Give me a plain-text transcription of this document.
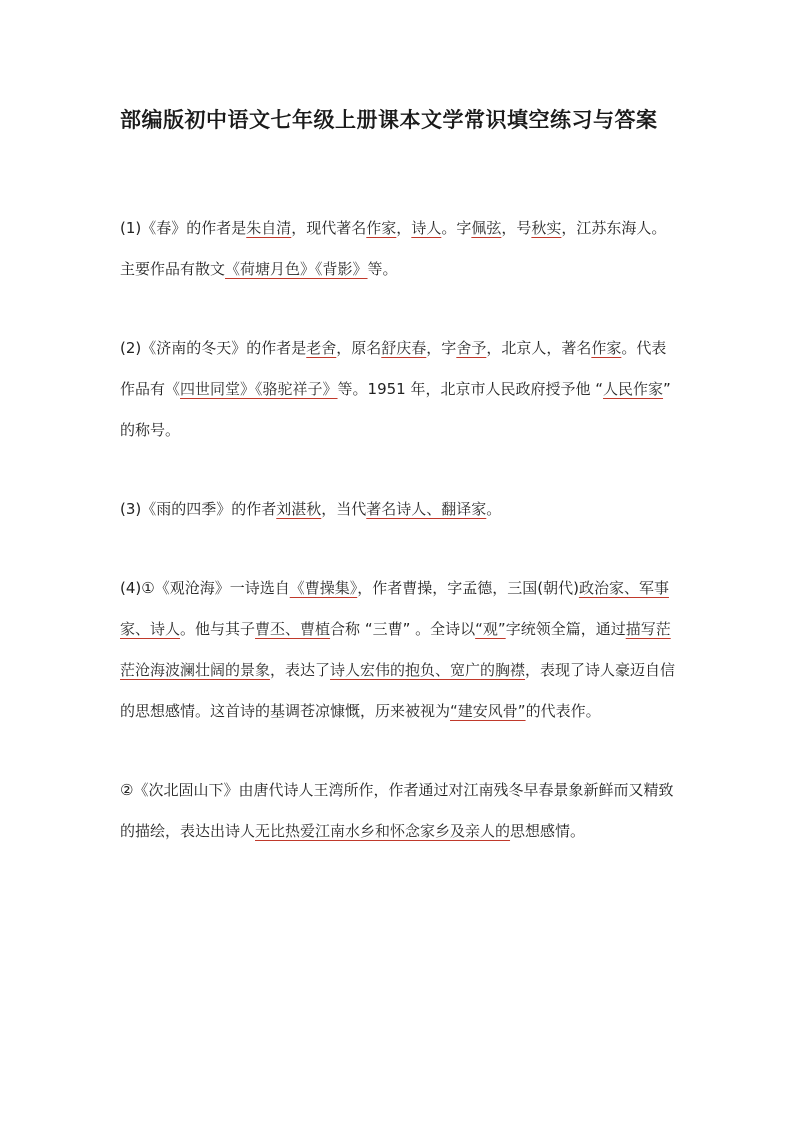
部编版初中语文七年级上册课本文学常识填空练习与答案

(1)《春》的作者是朱自清，现代著名作家，诗人。字佩弦，号秋实，江苏东海人。主要作品有散文《荷塘月色》《背影》等。

(2)《济南的冬天》的作者是老舍，原名舒庆春，字舍予，北京人，著名作家。代表作品有《四世同堂》《骆驼祥子》等。1951 年，北京市人民政府授予他 “人民作家” 的称号。

(3)《雨的四季》的作者刘湛秋，当代著名诗人、翻译家。

(4)①《观沧海》一诗选自《曹操集》，作者曹操，字孟德，三国(朝代)政治家、军事家、诗人。他与其子曹丕、曹植合称 “三曹” 。全诗以“观”字统领全篇，通过描写茫茫沧海波澜壮阔的景象，表达了诗人宏伟的抱负、宽广的胸襟，表现了诗人豪迈自信的思想感情。这首诗的基调苍凉慷慨，历来被视为“建安风骨”的代表作。

②《次北固山下》由唐代诗人王湾所作，作者通过对江南残冬早春景象新鲜而又精致的描绘，表达出诗人无比热爱江南水乡和怀念家乡及亲人的思想感情。
